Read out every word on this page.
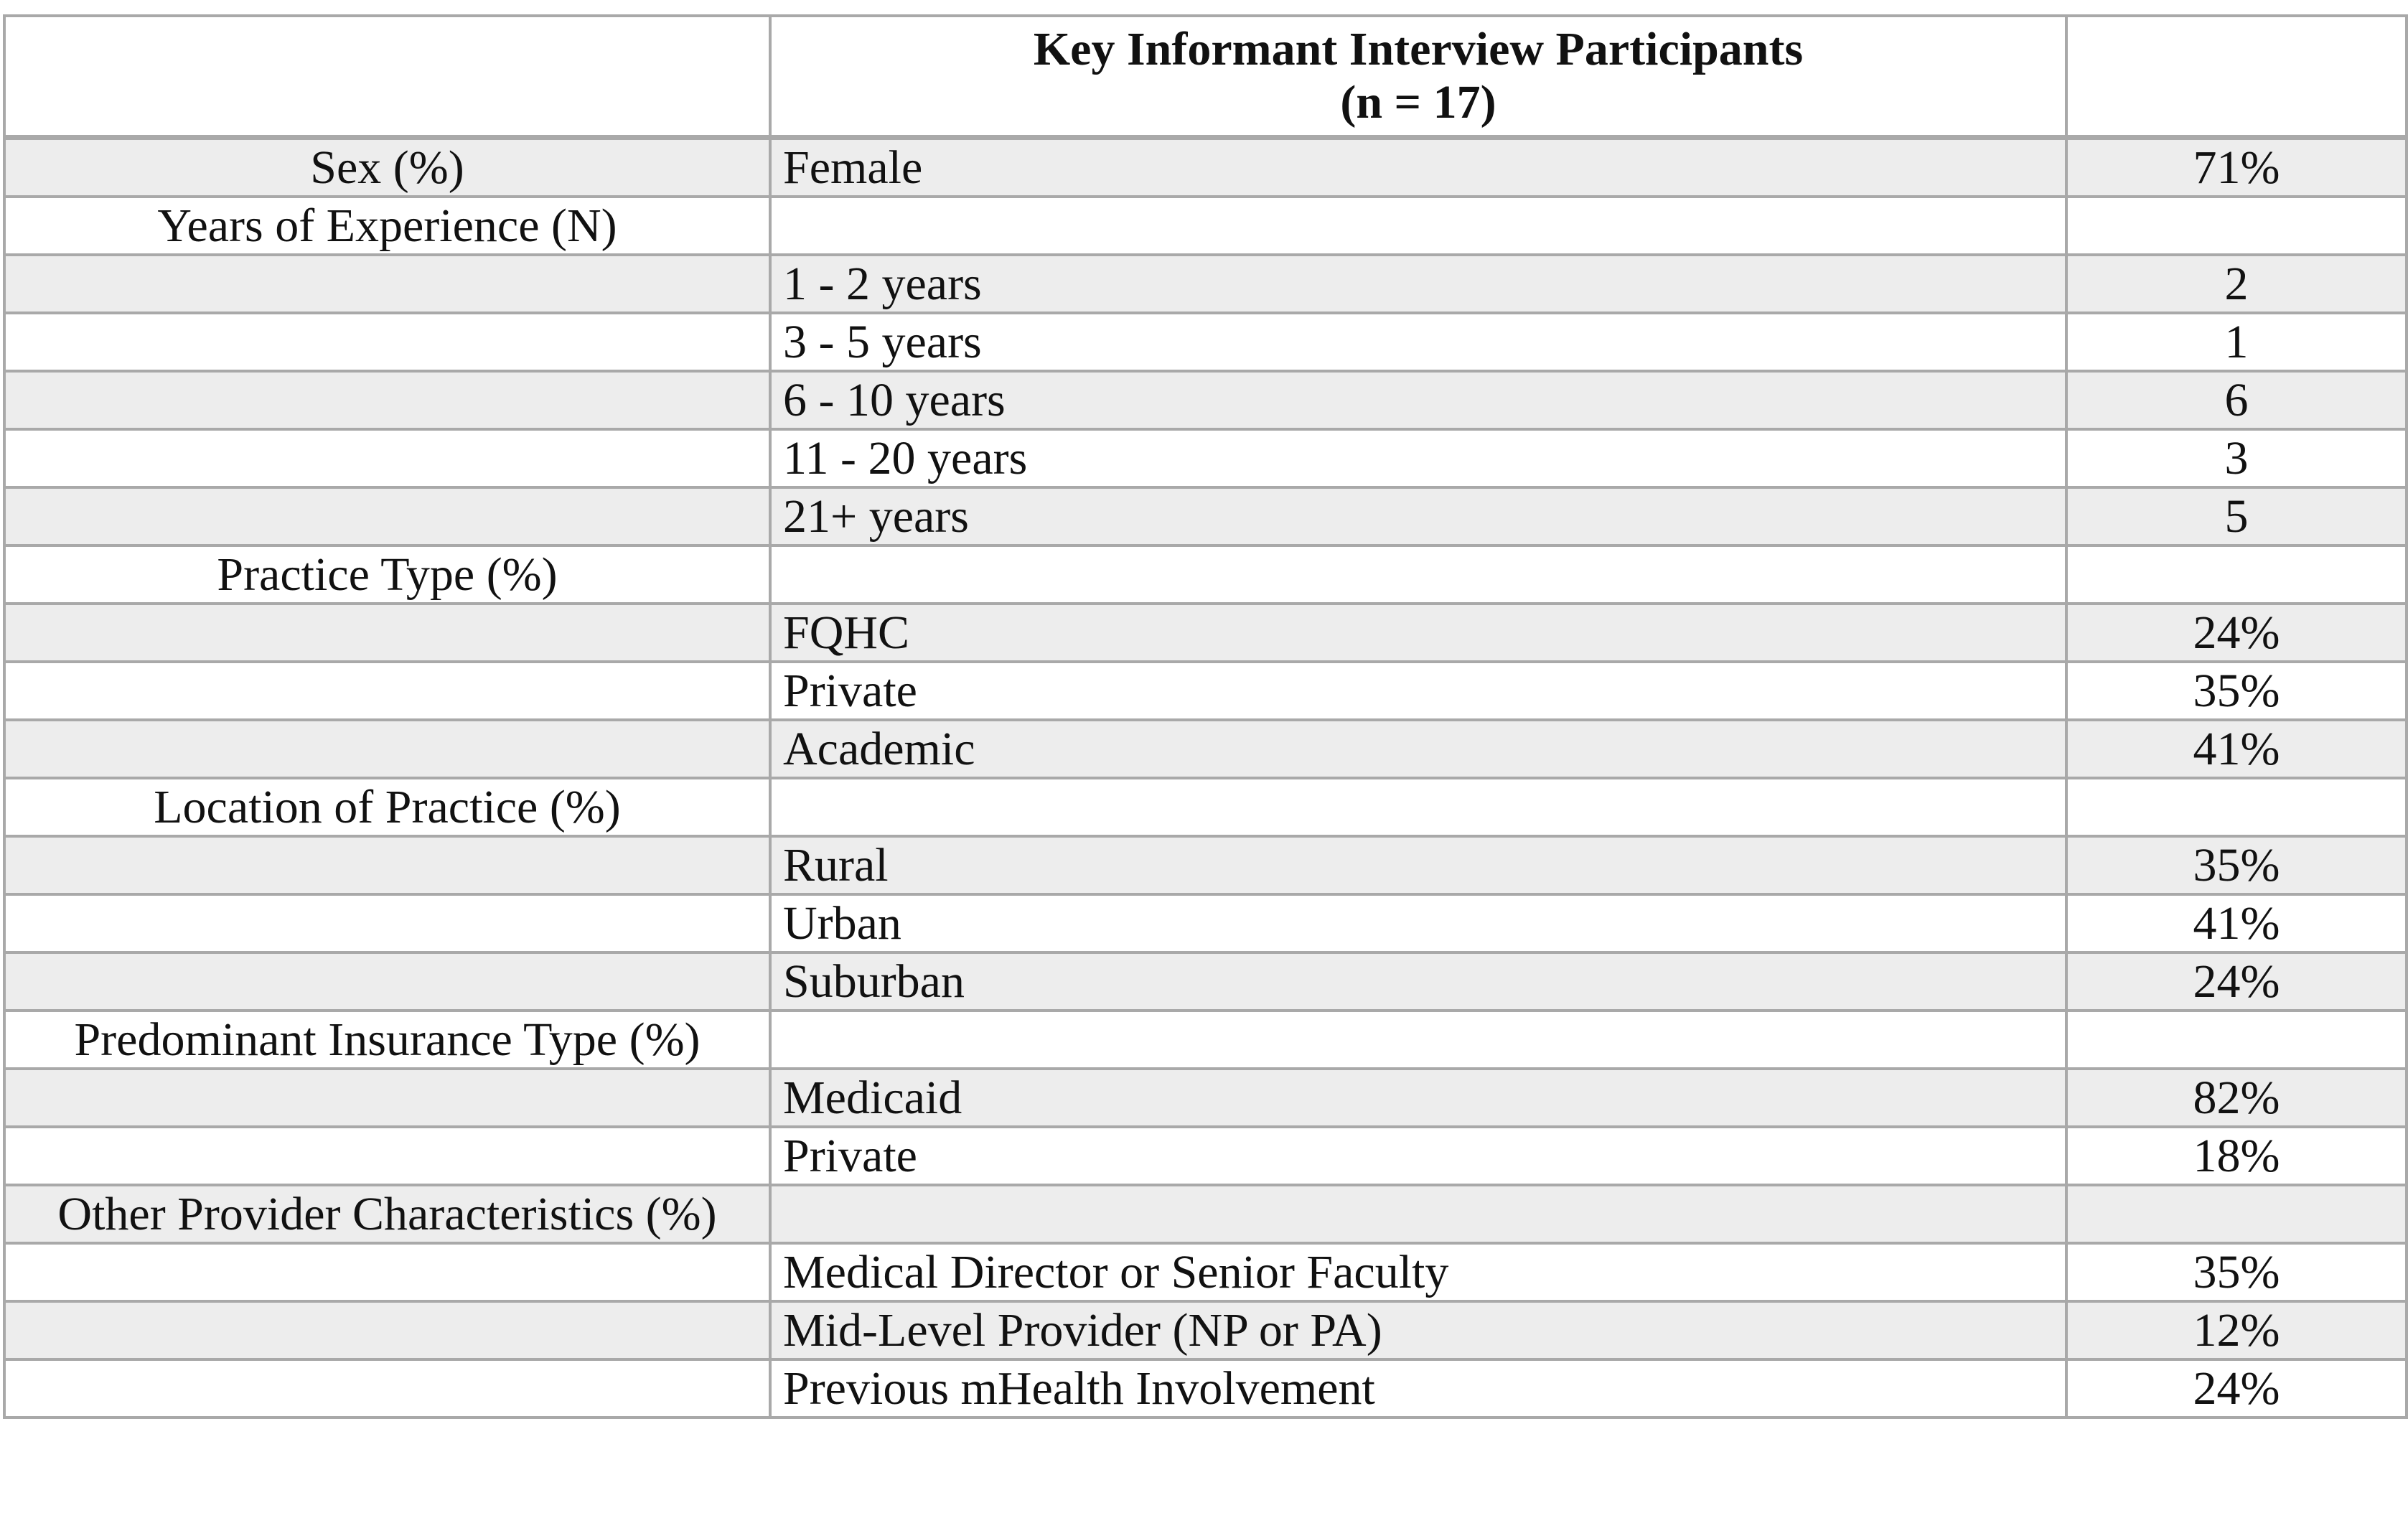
	Key Informant Interview Participants
(n = 17)	

Sex (%)	Female	71%
Years of Experience (N)		
	1 - 2 years	2
	3 - 5 years	1
	6 - 10 years	6
	11 - 20 years	3
	21+ years	5
Practice Type (%)		
	FQHC	24%
	Private	35%
	Academic	41%
Location of Practice (%)		
	Rural	35%
	Urban	41%
	Suburban	24%
Predominant Insurance Type (%)		
	Medicaid	82%
	Private	18%
Other Provider Characteristics (%)		
	Medical Director or Senior Faculty	35%
	Mid-Level Provider (NP or PA)	12%
	Previous mHealth Involvement	24%
